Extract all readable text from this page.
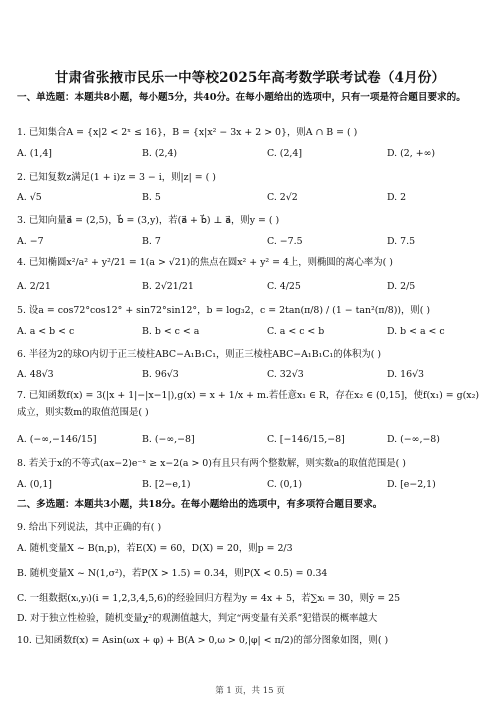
甘肃省张掖市民乐一中等校2025年高考数学联考试卷（4月份）
一、单选题：本题共8小题，每小题5分，共40分。在每小题给出的选项中，只有一项是符合题目要求的。
1. 已知集合A = {x|2 < 2ˣ ≤ 16}，B = {x|x² − 3x + 2 > 0}，则A ∩ B = ( )
A. (1,4]	B. (2,4)	C. (2,4]	D. (2, +∞)
2. 已知复数z满足(1 + i)z = 3 − i，则|z| = ( )
A. √5	B. 5	C. 2√2	D. 2
3. 已知向量a⃗ = (2,5)，b⃗ = (3,y)，若(a⃗ + b⃗) ⊥ a⃗，则y = ( )
A. −7	B. 7	C. −7.5	D. 7.5
4. 已知椭圆x²/a² + y²/21 = 1(a > √21)的焦点在圆x² + y² = 4上，则椭圆的离心率为( )
A. 2/21	B. 2√21/21	C. 4/25	D. 2/5
5. 设a = cos72°cos12° + sin72°sin12°，b = log₃2，c = 2tan(π/8) / (1 − tan²(π/8))，则( )
A. a < b < c	B. b < c < a	C. a < c < b	D. b < a < c
6. 半径为2的球O内切于正三棱柱ABC−A₁B₁C₁，则正三棱柱ABC−A₁B₁C₁的体积为( )
A. 48√3	B. 96√3	C. 32√3	D. 16√3
7. 已知函数f(x) = 3(|x + 1|−|x−1|),g(x) = x + 1/x + m.若任意x₁ ∈ R，存在x₂ ∈ (0,15]，使f(x₁) = g(x₂)成立，则实数m的取值范围是( )
A. (−∞,−146/15]	B. (−∞,−8]	C. [−146/15,−8]	D. (−∞,−8)
8. 若关于x的不等式(ax−2)e⁻ˣ ≥ x−2(a > 0)有且只有两个整数解，则实数a的取值范围是( )
A. (0,1]	B. [2−e,1)	C. (0,1)	D. [e−2,1)
二、多选题：本题共3小题，共18分。在每小题给出的选项中，有多项符合题目要求。
9. 给出下列说法，其中正确的有( )
A. 随机变量X ~ B(n,p)，若E(X) = 60，D(X) = 20，则p = 2/3
B. 随机变量X ~ N(1,σ²)，若P(X > 1.5) = 0.34，则P(X < 0.5) = 0.34
C. 一组数据(xᵢ,yᵢ)(i = 1,2,3,4,5,6)的经验回归方程为y = 4x + 5，若∑xᵢ = 30，则ȳ = 25
D. 对于独立性检验，随机变量χ²的观测值越大，判定“两变量有关系”犯错误的概率越大
10. 已知函数f(x) = Asin(ωx + φ) + B(A > 0,ω > 0,|φ| < π/2)的部分图象如图，则( )
第 1 页，共 15 页
